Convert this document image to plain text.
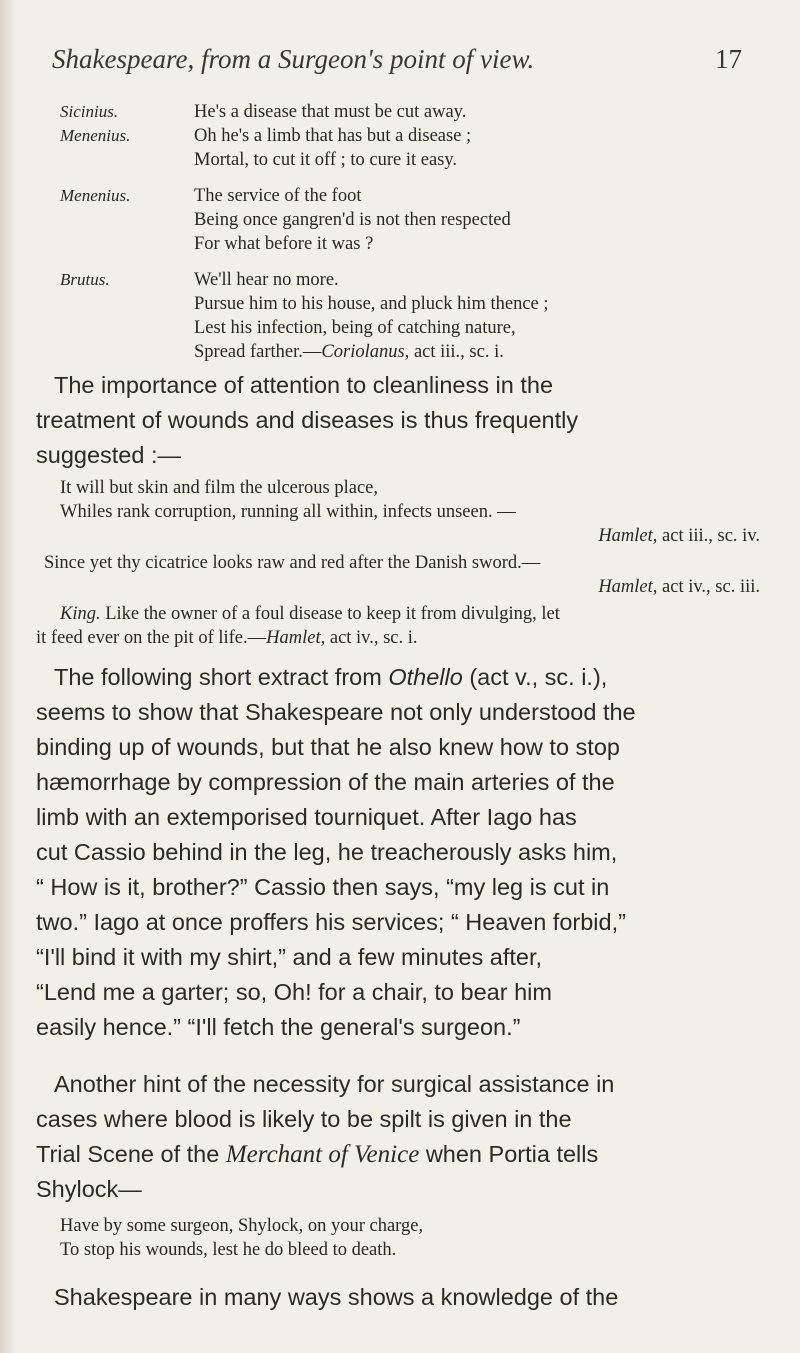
Shakespeare, from a Surgeon's point of view.	17
Sicinius.	He's a disease that must be cut away.
Menenius.	Oh he's a limb that has but a disease ;
Mortal, to cut it off ; to cure it easy.
Menenius.	The service of the foot
Being once gangren'd is not then respected
For what before it was ?
Brutus.	We'll hear no more.
Pursue him to his house, and pluck him thence ;
Lest his infection, being of catching nature,
Spread farther.—Coriolanus, act iii., sc. i.
The importance of attention to cleanliness in the
treatment of wounds and diseases is thus frequently
suggested :—
It will but skin and film the ulcerous place,
Whiles rank corruption, running all within, infects unseen. —
Hamlet, act iii., sc. iv.
Since yet thy cicatrice looks raw and red after the Danish sword.—
Hamlet, act iv., sc. iii.
King. Like the owner of a foul disease to keep it from divulging, let
it feed ever on the pit of life.—Hamlet, act iv., sc. i.
The following short extract from Othello (act v., sc. i.),
seems to show that Shakespeare not only understood the
binding up of wounds, but that he also knew how to stop
hæmorrhage by compression of the main arteries of the
limb with an extemporised tourniquet. After Iago has
cut Cassio behind in the leg, he treacherously asks him,
“ How is it, brother?” Cassio then says, “my leg is cut in
two.” Iago at once proffers his services; “ Heaven forbid,”
“I'll bind it with my shirt,” and a few minutes after,
“Lend me a garter; so, Oh! for a chair, to bear him
easily hence.” “I'll fetch the general's surgeon.”
Another hint of the necessity for surgical assistance in
cases where blood is likely to be spilt is given in the
Trial Scene of the Merchant of Venice when Portia tells
Shylock—
Have by some surgeon, Shylock, on your charge,
To stop his wounds, lest he do bleed to death.
Shakespeare in many ways shows a knowledge of the
